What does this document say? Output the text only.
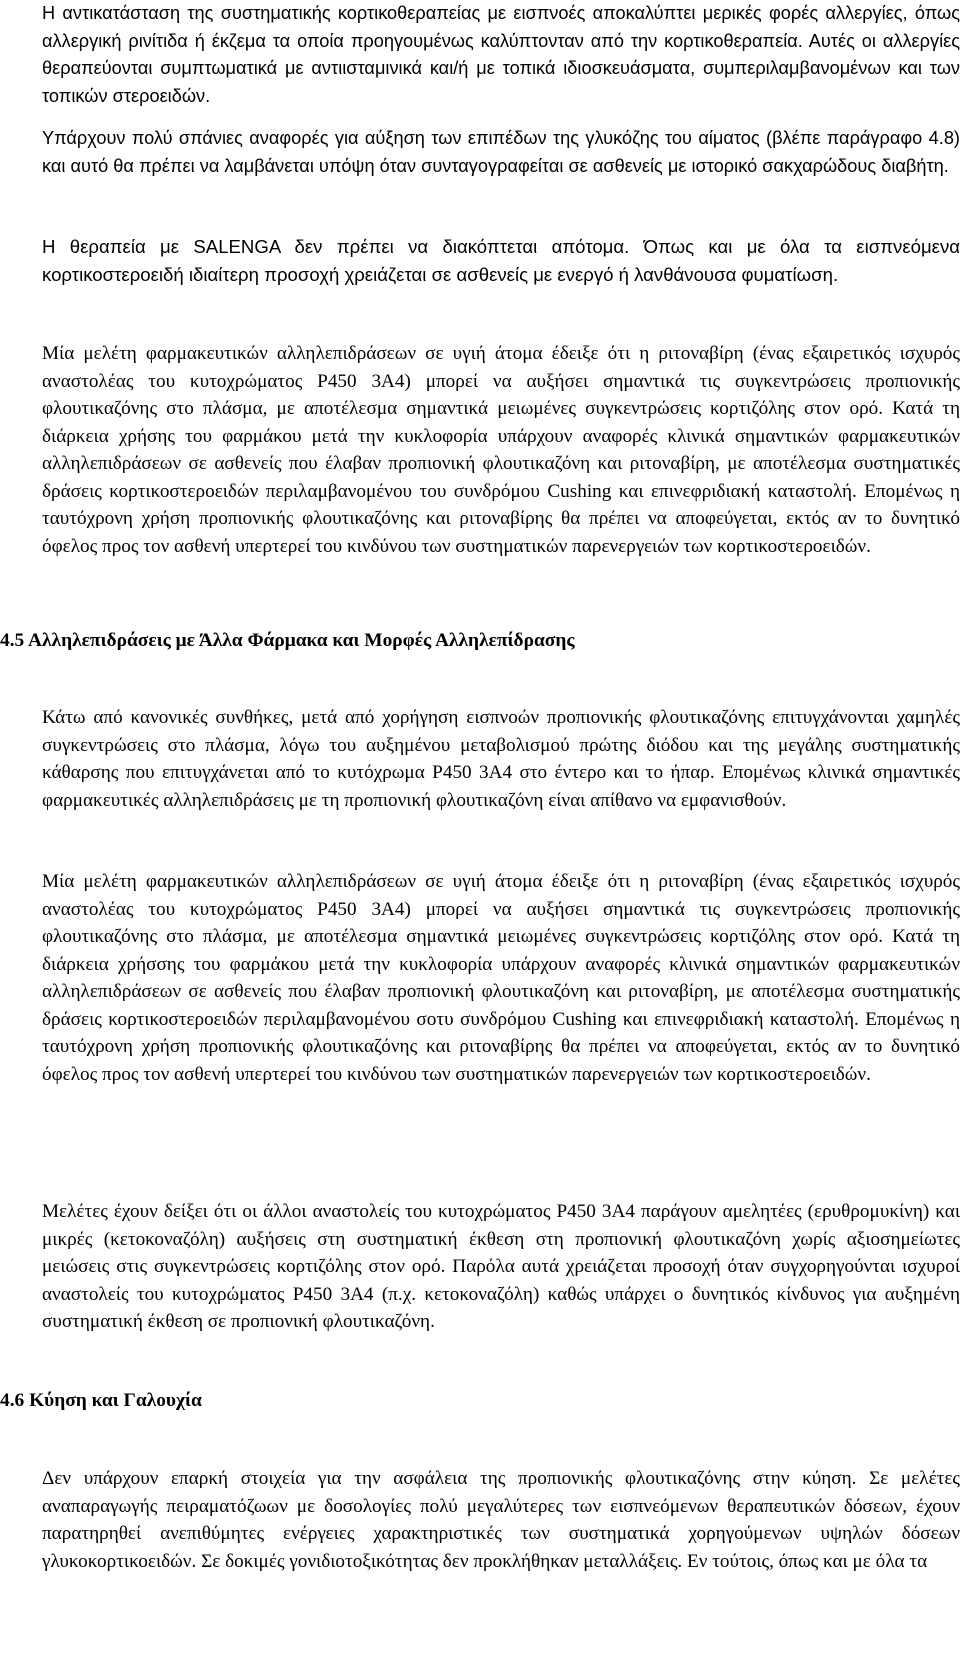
Η αντικατάσταση της συστηματικής κορτικοθεραπείας με εισπνοές αποκαλύπτει μερικές φορές αλλεργίες, όπως αλλεργική ρινίτιδα ή έκζεμα τα οποία προηγουμένως καλύπτονταν από την κορτικοθεραπεία. Αυτές οι αλλεργίες θεραπεύονται συμπτωματικά με αντιισταμινικά και/ή με τοπικά ιδιοσκευάσματα, συμπεριλαμβανομένων και των τοπικών στεροειδών.

Υπάρχουν πολύ σπάνιες αναφορές για αύξηση των επιπέδων της γλυκόζης του αίματος (βλέπε παράγραφο 4.8) και αυτό θα πρέπει να λαμβάνεται υπόψη όταν συνταγογραφείται σε ασθενείς με ιστορικό σακχαρώδους διαβήτη.

Η θεραπεία με SALENGA δεν πρέπει να διακόπτεται απότομα. Όπως και με όλα τα εισπνεόμενα κορτικοστεροειδή ιδιαίτερη προσοχή χρειάζεται σε ασθενείς με ενεργό ή λανθάνουσα φυματίωση.

Μία μελέτη φαρμακευτικών αλληλεπιδράσεων σε υγιή άτομα έδειξε ότι η ριτοναβίρη (ένας εξαιρετικός ισχυρός αναστολέας του κυτοχρώματος P450 3A4) μπορεί να αυξήσει σημαντικά τις συγκεντρώσεις προπιονικής φλουτικαζόνης στο πλάσμα, με αποτέλεσμα σημαντικά μειωμένες συγκεντρώσεις κορτιζόλης στον ορό. Κατά τη διάρκεια χρήσης του φαρμάκου μετά την κυκλοφορία υπάρχουν αναφορές κλινικά σημαντικών φαρμακευτικών αλληλεπιδράσεων σε ασθενείς που έλαβαν προπιονική φλουτικαζόνη και ριτοναβίρη, με αποτέλεσμα συστηματικές δράσεις κορτικοστεροειδών περιλαμβανομένου του συνδρόμου Cushing και επινεφριδιακή καταστολή. Επομένως η ταυτόχρονη χρήση προπιονικής φλουτικαζόνης και ριτοναβίρης θα πρέπει να αποφεύγεται, εκτός αν το δυνητικό όφελος προς τον ασθενή υπερτερεί του κινδύνου των συστηματικών παρενεργειών των κορτικοστεροειδών.

4.5 Αλληλεπιδράσεις με Άλλα Φάρμακα και Μορφές Αλληλεπίδρασης

Κάτω από κανονικές συνθήκες, μετά από χορήγηση εισπνοών προπιονικής φλουτικαζόνης επιτυγχάνονται χαμηλές συγκεντρώσεις στο πλάσμα, λόγω του αυξημένου μεταβολισμού πρώτης διόδου και της μεγάλης συστηματικής κάθαρσης που επιτυγχάνεται από το κυτόχρωμα P450 3A4 στο έντερο και το ήπαρ. Επομένως κλινικά σημαντικές φαρμακευτικές αλληλεπιδράσεις με τη προπιονική φλουτικαζόνη είναι απίθανο να εμφανισθούν.

Μία μελέτη φαρμακευτικών αλληλεπιδράσεων σε υγιή άτομα έδειξε ότι η ριτοναβίρη (ένας εξαιρετικός ισχυρός αναστολέας του κυτοχρώματος P450 3A4) μπορεί να αυξήσει σημαντικά τις συγκεντρώσεις προπιονικής φλουτικαζόνης στο πλάσμα, με αποτέλεσμα σημαντικά μειωμένες συγκεντρώσεις κορτιζόλης στον ορό. Κατά τη διάρκεια χρήσσης του φαρμάκου μετά την κυκλοφορία υπάρχουν αναφορές κλινικά σημαντικών φαρμακευτικών αλληλεπιδράσεων σε ασθενείς που έλαβαν προπιονική φλουτικαζόνη και ριτοναβίρη, με αποτέλεσμα συστηματικής δράσεις κορτικοστεροειδών περιλαμβανομένου σοτυ συνδρόμου Cushing και επινεφριδιακή καταστολή. Επομένως η ταυτόχρονη χρήση προπιονικής φλουτικαζόνης και ριτοναβίρης θα πρέπει να αποφεύγεται, εκτός αν το δυνητικό όφελος προς τον ασθενή υπερτερεί του κινδύνου των συστηματικών παρενεργειών των κορτικοστεροειδών.

Μελέτες έχουν δείξει ότι οι άλλοι αναστολείς του κυτοχρώματος P450 3A4 παράγουν αμελητέες (ερυθρομυκίνη) και μικρές (κετοκοναζόλη) αυξήσεις στη συστηματική έκθεση στη προπιονική φλουτικαζόνη χωρίς αξιοσημείωτες μειώσεις στις συγκεντρώσεις κορτιζόλης στον ορό. Παρόλα αυτά χρειάζεται προσοχή όταν συγχορηγούνται ισχυροί αναστολείς του κυτοχρώματος P450 3A4 (π.χ. κετοκοναζόλη) καθώς υπάρχει ο δυνητικός κίνδυνος για αυξημένη συστηματική έκθεση σε προπιονική φλουτικαζόνη.

4.6 Κύηση και Γαλουχία

Δεν υπάρχουν επαρκή στοιχεία για την ασφάλεια της προπιονικής φλουτικαζόνης στην κύηση. Σε μελέτες αναπαραγωγής πειραματόζωων με δοσολογίες πολύ μεγαλύτερες των εισπνεόμενων θεραπευτικών δόσεων, έχουν παρατηρηθεί ανεπιθύμητες ενέργειες χαρακτηριστικές των συστηματικά χορηγούμενων υψηλών δόσεων γλυκοκορτικοειδών. Σε δοκιμές γονιδιοτοξικότητας δεν προκλήθηκαν μεταλλάξεις. Εν τούτοις, όπως και με όλα τα
